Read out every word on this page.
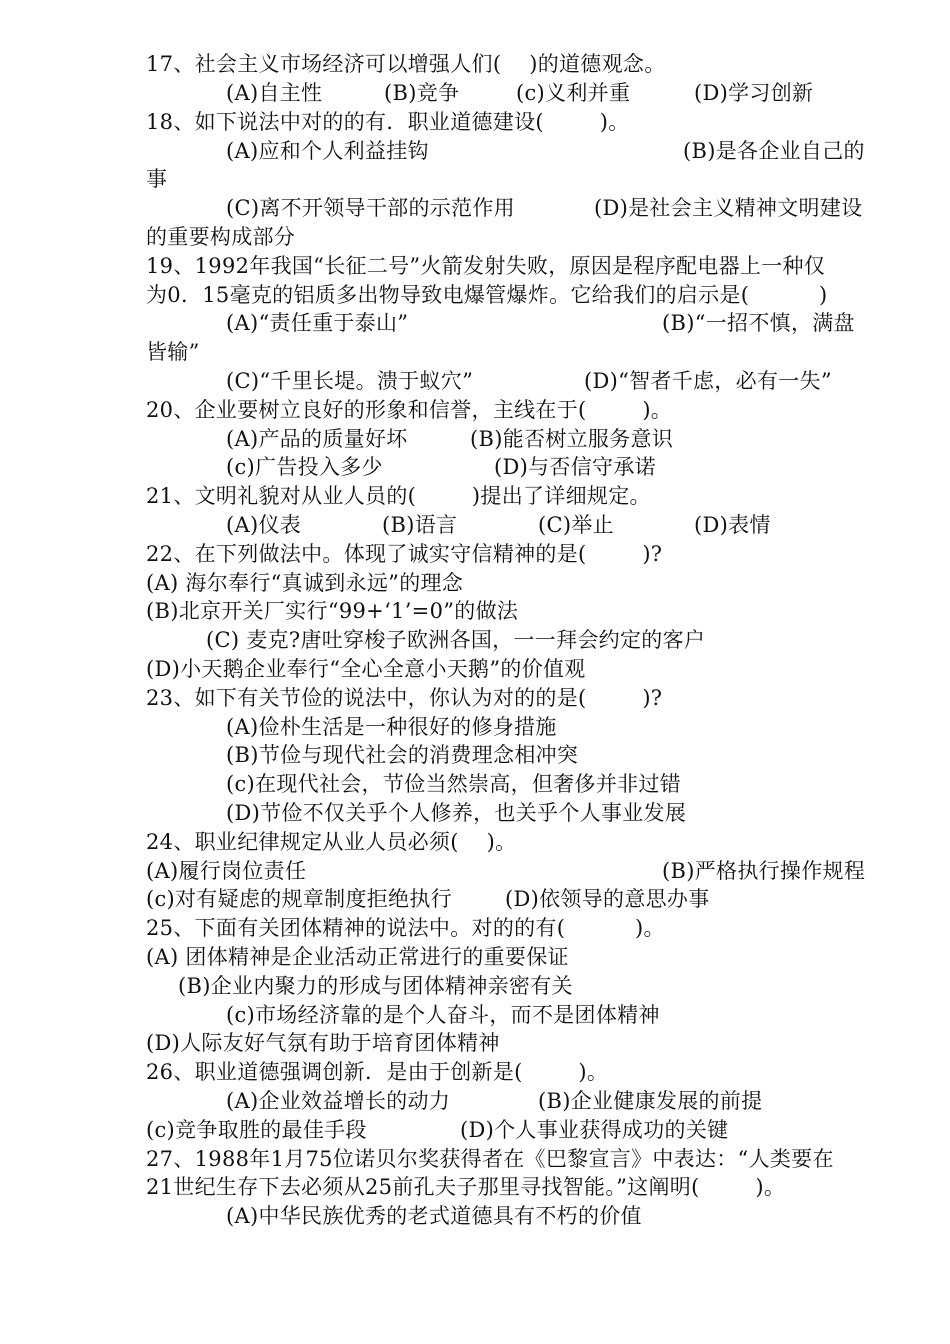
17、社会主义市场经济可以增强人们(    )的道德观念。
(A)自主性	(B)竞争	(c)义利并重	(D)学习创新
18、如下说法中对的的有．职业道德建设(        )。
(A)应和个人利益挂钩	(B)是各企业自己的
事
(C)离不开领导干部的示范作用	(D)是社会主义精神文明建设
的重要构成部分
19、1992年我国“长征二号”火箭发射失败，原因是程序配电器上一种仅
为0．15毫克的铝质多出物导致电爆管爆炸。它给我们的启示是(          )
(A)“责任重于泰山”	(B)“一招不慎，满盘
皆输”
(C)“千里长堤。溃于蚁穴”	(D)“智者千虑，必有一失”
20、企业要树立良好的形象和信誉，主线在于(        )。
(A)产品的质量好坏	(B)能否树立服务意识
(c)广告投入多少	(D)与否信守承诺
21、文明礼貌对从业人员的(        )提出了详细规定。
(A)仪表	(B)语言	(C)举止	(D)表情
22、在下列做法中。体现了诚实守信精神的是(        )?
(A) 海尔奉行“真诚到永远”的理念
(B)北京开关厂实行“99+‘1’=0”的做法
(C) 麦克?唐吐穿梭子欧洲各国，一一拜会约定的客户
(D)小天鹅企业奉行“全心全意小天鹅”的价值观
23、如下有关节俭的说法中，你认为对的的是(        )?
(A)俭朴生活是一种很好的修身措施
(B)节俭与现代社会的消费理念相冲突
(c)在现代社会，节俭当然崇高，但奢侈并非过错
(D)节俭不仅关乎个人修养，也关乎个人事业发展
24、职业纪律规定从业人员必须(    )。
(A)履行岗位责任	(B)严格执行操作规程
(c)对有疑虑的规章制度拒绝执行	(D)依领导的意思办事
25、下面有关团体精神的说法中。对的的有(          )。
(A) 团体精神是企业活动正常进行的重要保证
(B)企业内聚力的形成与团体精神亲密有关
(c)市场经济靠的是个人奋斗，而不是团体精神
(D)人际友好气氛有助于培育团体精神
26、职业道德强调创新．是由于创新是(        )。
(A)企业效益增长的动力	(B)企业健康发展的前提
(c)竞争取胜的最佳手段	(D)个人事业获得成功的关键
27、1988年1月75位诺贝尔奖获得者在《巴黎宣言》中表达：“人类要在
21世纪生存下去必须从25前孔夫子那里寻找智能。”这阐明(        )。
(A)中华民族优秀的老式道德具有不朽的价值
